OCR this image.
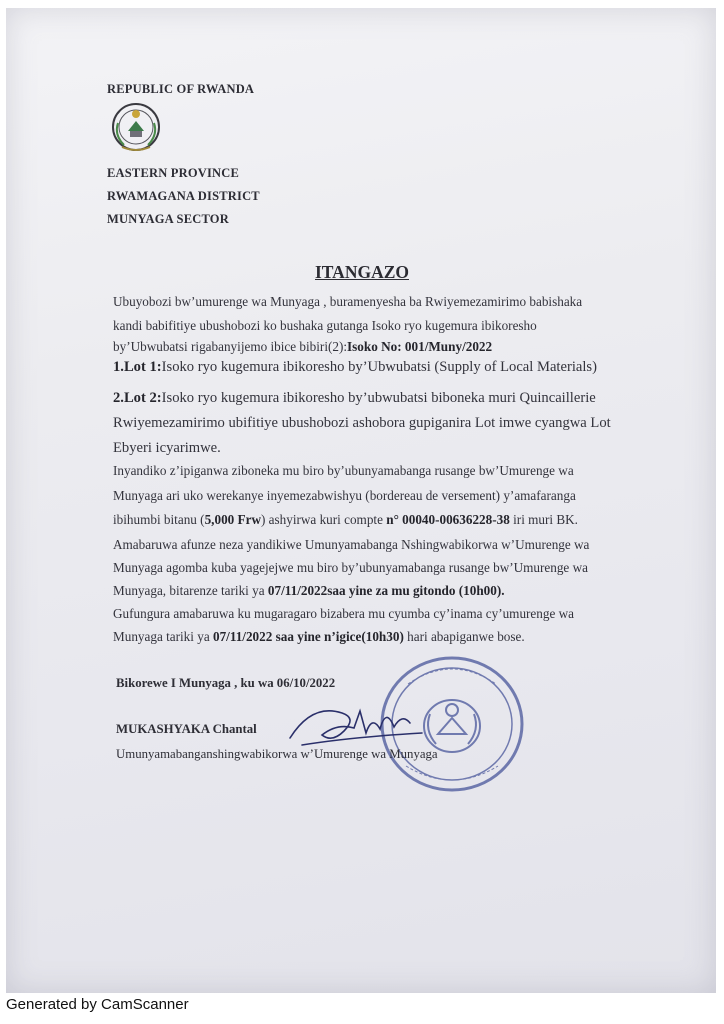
REPUBLIC OF RWANDA
EASTERN PROVINCE
RWAMAGANA DISTRICT
MUNYAGA SECTOR
ITANGAZO
Ubuyobozi bw’umurenge wa Munyaga , buramenyesha ba Rwiyemezamirimo babishaka
kandi babifitiye ubushobozi ko bushaka gutanga Isoko ryo kugemura ibikoresho
by’Ubwubatsi rigabanyijemo ibice bibiri(2):Isoko No: 001/Muny/2022
1.Lot 1:Isoko ryo kugemura ibikoresho by’Ubwubatsi (Supply of Local Materials)
2.Lot 2:Isoko ryo kugemura ibikoresho by’ubwubatsi biboneka muri Quincaillerie
Rwiyemezamirimo ubifitiye ubushobozi ashobora gupiganira Lot imwe cyangwa Lot
Ebyeri icyarimwe.
Inyandiko z’ipiganwa ziboneka mu biro by’ubunyamabanga rusange bw’Umurenge wa
Munyaga ari uko werekanye inyemezabwishyu (bordereau de versement) y’amafaranga
ibihumbi bitanu (5,000 Frw) ashyirwa kuri compte n° 00040-00636228-38 iri muri BK.
Amabaruwa afunze neza yandikiwe Umunyamabanga Nshingwabikorwa w’Umurenge wa
Munyaga agomba kuba yagejejwe mu biro by’ubunyamabanga rusange bw’Umurenge wa
Munyaga, bitarenze tariki ya 07/11/2022saa yine za mu gitondo (10h00).
Gufungura amabaruwa ku mugaragaro bizabera mu cyumba cy’inama cy’umurenge wa
Munyaga tariki ya 07/11/2022 saa yine n’igice(10h30) hari abapiganwe bose.
Bikorewe I Munyaga , ku wa 06/10/2022
MUKASHYAKA Chantal
Umunyamabanganshingwabikorwa w’Umurenge wa Munyaga
Generated by CamScanner
